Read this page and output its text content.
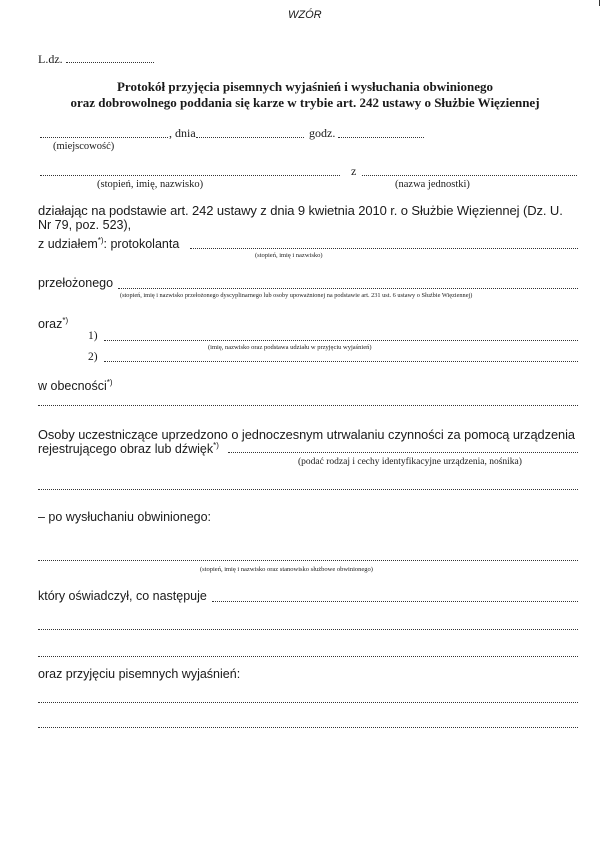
WZÓR
L.dz.
Protokół przyjęcia pisemnych wyjaśnień i wysłuchania obwinionego
oraz dobrowolnego poddania się karze w trybie art. 242 ustawy o Służbie Więziennej
, dnia	godz.
(miejscowość)
z
(stopień, imię, nazwisko)	(nazwa jednostki)
działając na podstawie art. 242 ustawy z dnia 9 kwietnia 2010 r. o Służbie Więziennej (Dz. U.
Nr 79, poz. 523),
z udziałem*): protokolanta
(stopień, imię i nazwisko)
przełożonego
(stopień, imię i nazwisko przełożonego dyscyplinarnego lub osoby upoważnionej na podstawie art. 231 ust. 6 ustawy o Służbie Więziennej)
oraz*)
1)
(imię, nazwisko oraz podstawa udziału w przyjęciu wyjaśnień)
2)
w obecności*)
Osoby uczestniczące uprzedzono o jednoczesnym utrwalaniu czynności za pomocą urządzenia
rejestrującego obraz lub dźwięk*)
(podać rodzaj i cechy identyfikacyjne urządzenia, nośnika)
– po wysłuchaniu obwinionego:
(stopień, imię i nazwisko oraz stanowisko służbowe obwinionego)
który oświadczył, co następuje
oraz przyjęciu pisemnych wyjaśnień:
